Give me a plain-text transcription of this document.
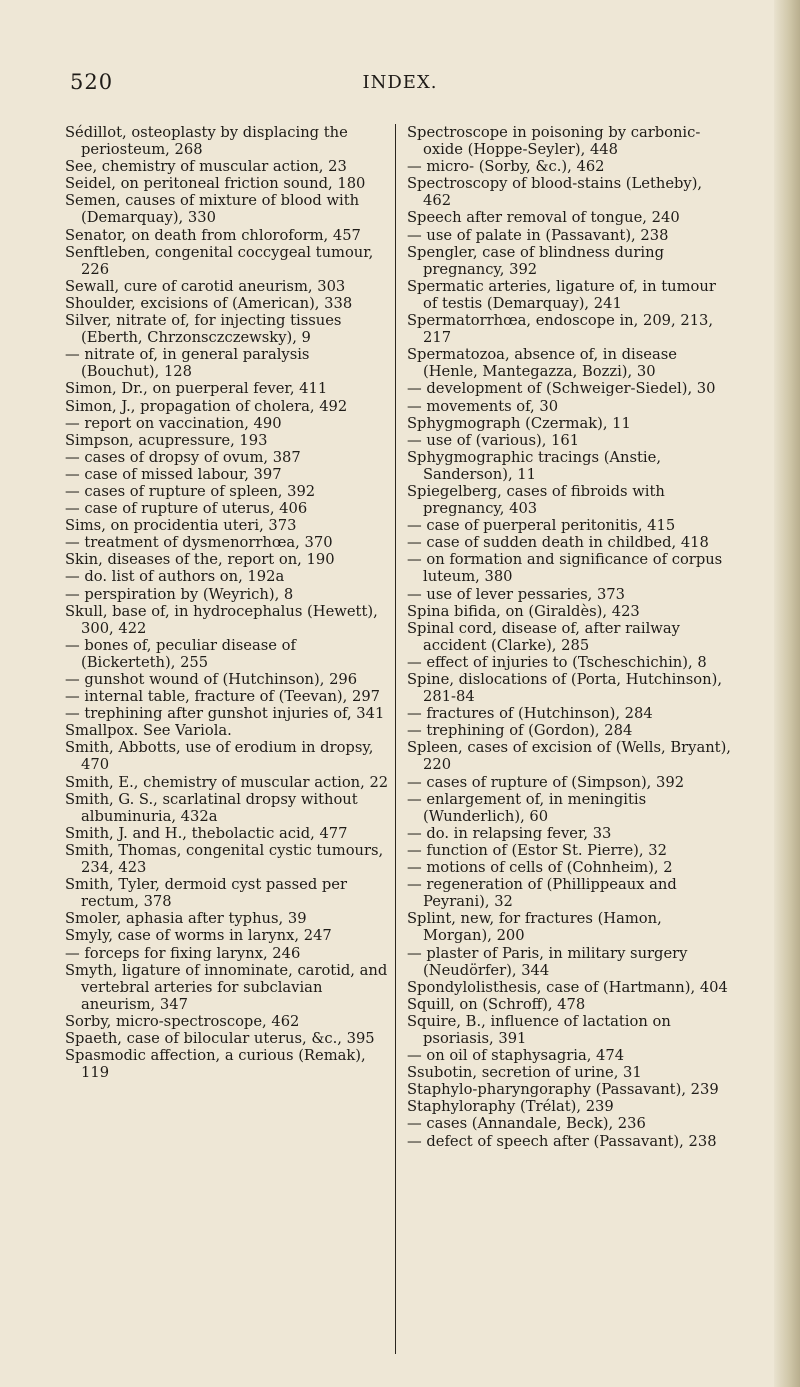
520	INDEX.

Sédillot, osteoplasty by displacing the periosteum, 268

See, chemistry of muscular action, 23

Seidel, on peritoneal friction sound, 180

Semen, causes of mixture of blood with (Demarquay), 330

Senator, on death from chloroform, 457

Senftleben, congenital coccygeal tumour, 226

Sewall, cure of carotid aneurism, 303

Shoulder, excisions of (American), 338

Silver, nitrate of, for injecting tissues (Eberth, Chrzonsczczewsky), 9

— nitrate of, in general paralysis (Bouchut), 128

Simon, Dr., on puerperal fever, 411

Simon, J., propagation of cholera, 492

— report on vaccination, 490

Simpson, acupressure, 193

— cases of dropsy of ovum, 387

— case of missed labour, 397

— cases of rupture of spleen, 392

— case of rupture of uterus, 406

Sims, on procidentia uteri, 373

— treatment of dysmenorrhœa, 370

Skin, diseases of the, report on, 190

— do. list of authors on, 192a

— perspiration by (Weyrich), 8

Skull, base of, in hydrocephalus (Hewett), 300, 422

— bones of, peculiar disease of (Bickerteth), 255

— gunshot wound of (Hutchinson), 296

— internal table, fracture of (Teevan), 297

— trephining after gunshot injuries of, 341

Smallpox. See Variola.

Smith, Abbotts, use of erodium in dropsy, 470

Smith, E., chemistry of muscular action, 22

Smith, G. S., scarlatinal dropsy without albuminuria, 432a

Smith, J. and H., thebolactic acid, 477

Smith, Thomas, congenital cystic tumours, 234, 423

Smith, Tyler, dermoid cyst passed per rectum, 378

Smoler, aphasia after typhus, 39

Smyly, case of worms in larynx, 247

— forceps for fixing larynx, 246

Smyth, ligature of innominate, carotid, and vertebral arteries for subclavian aneurism, 347

Sorby, micro-spectroscope, 462

Spaeth, case of bilocular uterus, &c., 395

Spasmodic affection, a curious (Remak), 119

Spectroscope in poisoning by carbonic-oxide (Hoppe-Seyler), 448

— micro- (Sorby, &c.), 462

Spectroscopy of blood-stains (Letheby), 462

Speech after removal of tongue, 240

— use of palate in (Passavant), 238

Spengler, case of blindness during pregnancy, 392

Spermatic arteries, ligature of, in tumour of testis (Demarquay), 241

Spermatorrhœa, endoscope in, 209, 213, 217

Spermatozoa, absence of, in disease (Henle, Mantegazza, Bozzi), 30

— development of (Schweiger-Siedel), 30

— movements of, 30

Sphygmograph (Czermak), 11

— use of (various), 161

Sphygmographic tracings (Anstie, Sanderson), 11

Spiegelberg, cases of fibroids with pregnancy, 403

— case of puerperal peritonitis, 415

— case of sudden death in childbed, 418

— on formation and significance of corpus luteum, 380

— use of lever pessaries, 373

Spina bifida, on (Giraldès), 423

Spinal cord, disease of, after railway accident (Clarke), 285

— effect of injuries to (Tscheschichin), 8

Spine, dislocations of (Porta, Hutchinson), 281-84

— fractures of (Hutchinson), 284

— trephining of (Gordon), 284

Spleen, cases of excision of (Wells, Bryant), 220

— cases of rupture of (Simpson), 392

— enlargement of, in meningitis (Wunderlich), 60

— do. in relapsing fever, 33

— function of (Estor St. Pierre), 32

— motions of cells of (Cohnheim), 2

— regeneration of (Phillippeaux and Peyrani), 32

Splint, new, for fractures (Hamon, Morgan), 200

— plaster of Paris, in military surgery (Neudörfer), 344

Spondylolisthesis, case of (Hartmann), 404

Squill, on (Schroff), 478

Squire, B., influence of lactation on psoriasis, 391

— on oil of staphysagria, 474

Ssubotin, secretion of urine, 31

Staphylo-pharyngoraphy (Passavant), 239

Staphyloraphy (Trélat), 239

— cases (Annandale, Beck), 236

— defect of speech after (Passavant), 238
